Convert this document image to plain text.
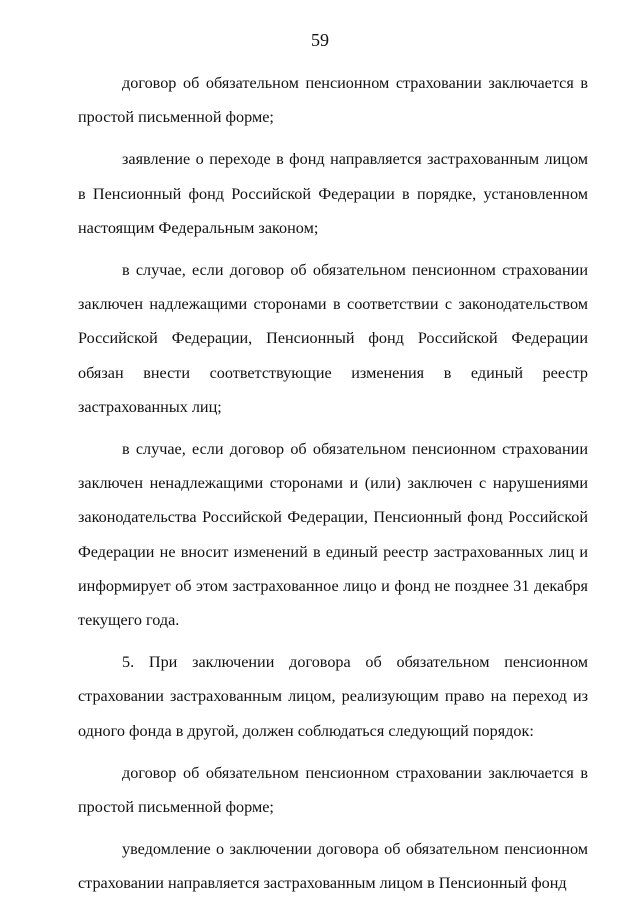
59

договор об обязательном пенсионном страховании заключается в простой письменной форме;

заявление о переходе в фонд направляется застрахованным лицом в Пенсионный фонд Российской Федерации в порядке, установленном настоящим Федеральным законом;

в случае, если договор об обязательном пенсионном страховании заключен надлежащими сторонами в соответствии с законодательством Российской Федерации, Пенсионный фонд Российской Федерации обязан внести соответствующие изменения в единый реестр застрахованных лиц;

в случае, если договор об обязательном пенсионном страховании заключен ненадлежащими сторонами и (или) заключен с нарушениями законодательства Российской Федерации, Пенсионный фонд Российской Федерации не вносит изменений в единый реестр застрахованных лиц и информирует об этом застрахованное лицо и фонд не позднее 31 декабря текущего года.

5. При заключении договора об обязательном пенсионном страховании застрахованным лицом, реализующим право на переход из одного фонда в другой, должен соблюдаться следующий порядок:

договор об обязательном пенсионном страховании заключается в простой письменной форме;

уведомление о заключении договора об обязательном пенсионном страховании направляется застрахованным лицом в Пенсионный фонд
